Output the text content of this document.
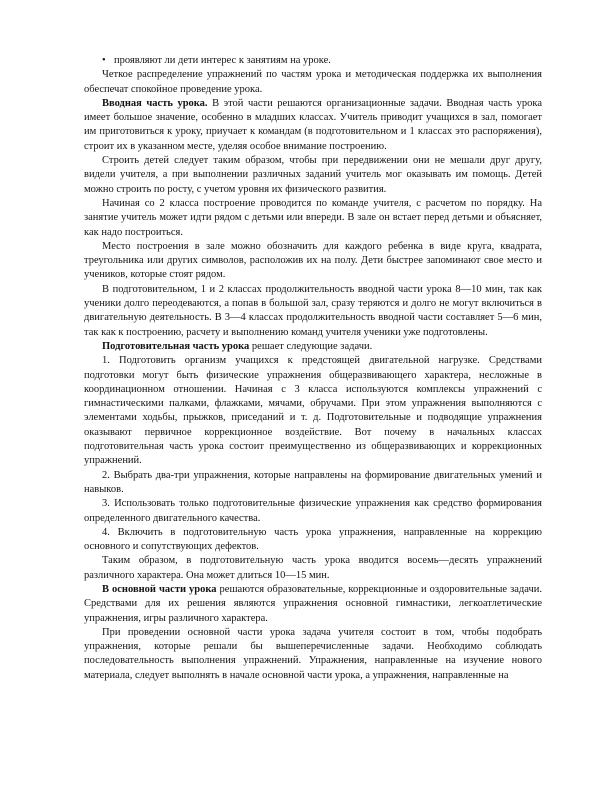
• проявляют ли дети интерес к занятиям на уроке.

Четкое распределение упражнений по частям урока и методическая поддержка их выполнения обеспечат спокойное проведение урока.

Вводная часть урока. В этой части решаются организационные задачи. Вводная часть урока имеет большое значение, особенно в младших классах. Учитель приводит учащихся в зал, помогает им приготовиться к уроку, приучает к командам (в подготовительном и 1 классах это распоряжения), строит их в указанном месте, уделяя особое внимание построению.

Строить детей следует таким образом, чтобы при передвижении они не мешали друг другу, видели учителя, а при выполнении различных заданий учитель мог оказывать им помощь. Детей можно строить по росту, с учетом уровня их физического развития.

Начиная со 2 класса построение проводится по команде учителя, с расчетом по порядку. На занятие учитель может идти рядом с детьми или впереди. В зале он встает перед детьми и объясняет, как надо построиться.

Место построения в зале можно обозначить для каждого ребенка в виде круга, квадрата, треугольника или других символов, расположив их на полу. Дети быстрее запоминают свое место и учеников, которые стоят рядом.

В подготовительном, 1 и 2 классах продолжительность вводной части урока 8—10 мин, так как ученики долго переодеваются, а попав в большой зал, сразу теряются и долго не могут включиться в двигательную деятельность. В 3—4 классах продолжительность вводной части составляет 5—6 мин, так как к построению, расчету и выполнению команд учителя ученики уже подготовлены.

Подготовительная часть урока решает следующие задачи.

1. Подготовить организм учащихся к предстоящей двигательной нагрузке. Средствами подготовки могут быть физические упражнения общеразвивающего характера, несложные в координационном отношении. Начиная с 3 класса используются комплексы упражнений с гимнастическими палками, флажками, мячами, обручами. При этом упражнения выполняются с элементами ходьбы, прыжков, приседаний и т. д. Подготовительные и подводящие упражнения оказывают первичное коррекционное воздействие. Вот почему в начальных классах подготовительная часть урока состоит преимущественно из общеразвивающих и коррекционных упражнений.

2. Выбрать два-три упражнения, которые направлены на формирование двигательных умений и навыков.

3. Использовать только подготовительные физические упражнения как средство формирования определенного двигательного качества.

4. Включить в подготовительную часть урока упражнения, направленные на коррекцию основного и сопутствующих дефектов.

Таким образом, в подготовительную часть урока вводится восемь—десять упражнений различного характера. Она может длиться 10—15 мин.

В основной части урока решаются образовательные, коррекционные и оздоровительные задачи. Средствами для их решения являются упражнения основной гимнастики, легкоатлетические упражнения, игры различного характера.

При проведении основной части урока задача учителя состоит в том, чтобы подобрать упражнения, которые решали бы вышеперечисленные задачи. Необходимо соблюдать последовательность выполнения упражнений. Упражнения, направленные на изучение нового материала, следует выполнять в начале основной части урока, а упражнения, направленные на
